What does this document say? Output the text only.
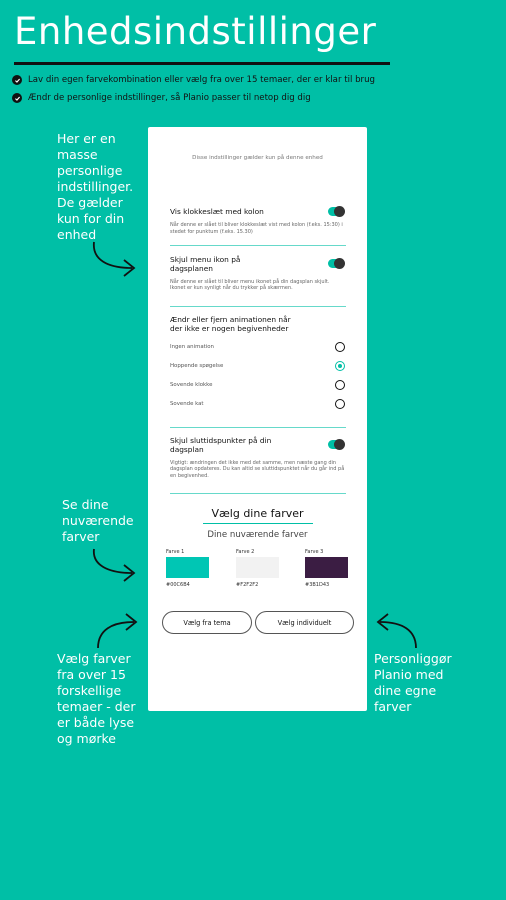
Enhedsindstillinger
Lav din egen farvekombination eller vælg fra over 15 temaer, der er klar til brug
Ændr de personlige indstillinger, så Planio passer til netop dig dig
Her er en masse personlige indstillinger. De gælder kun for din enhed
Se dine nuværende farver
Vælg farver fra over 15 forskellige temaer - der er både lyse og mørke
Personliggør Planio med dine egne farver
Disse indstillinger gælder kun på denne enhed
Vis klokkeslæt med kolon
Når denne er slået til bliver klokkeslæt vist med kolon (f.eks. 15:30) i stedet for punktum (f.eks. 15.30)
Skjul menu ikon på dagsplanen
Når denne er slået til bliver menu ikonet på din dagsplan skjult. Ikonet er kun synligt når du trykker på skærmen.
Ændr eller fjern animationen når der ikke er nogen begivenheder
Ingen animation
Hoppende spøgelse
Sovende klokke
Sovende kat
Skjul sluttidspunkter på din dagsplan
Vigtigt: ændringen det ikke med det samme, men næste gang din dagsplan opdateres. Du kan altid se sluttidspunktet når du går ind på en begivenhed.
Vælg dine farver
Dine nuværende farver
Farve 1
#00C6B4
Farve 2
#F2F2F2
Farve 3
#3B1D43
Vælg fra tema	Vælg individuelt
